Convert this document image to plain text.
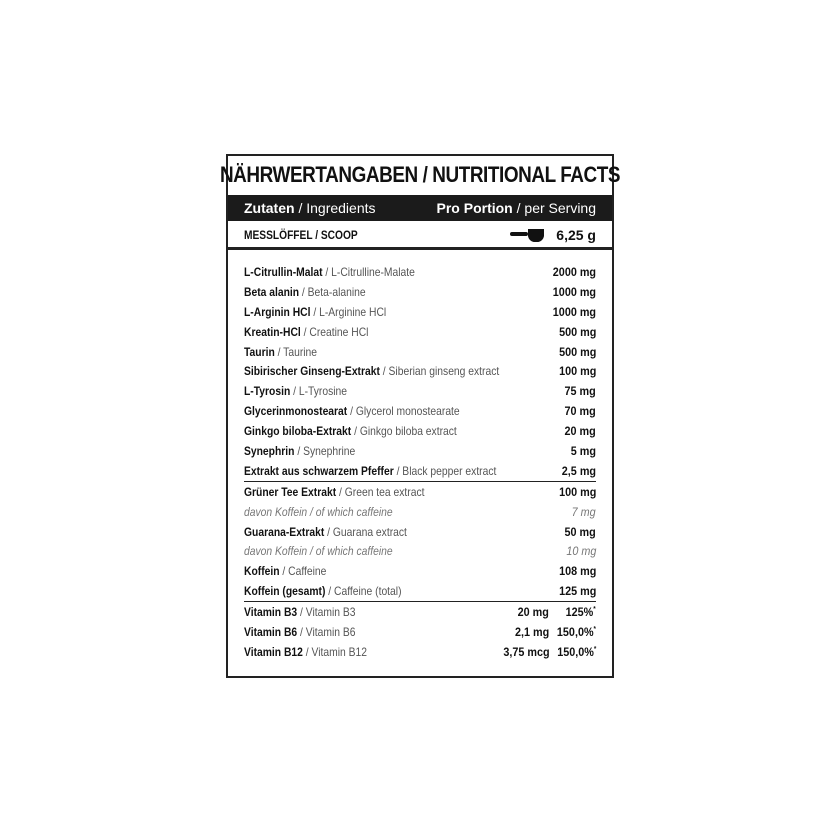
NÄHRWERTANGABEN / NUTRITIONAL FACTS
Zutaten / Ingredients	Pro Portion / per Serving
MESSLÖFFEL / SCOOP	6,25 g
L-Citrullin-Malat / L-Citrulline-Malate	2000 mg
Beta alanin / Beta-alanine	1000 mg
L-Arginin HCl / L-Arginine HCl	1000 mg
Kreatin-HCl / Creatine HCl	500 mg
Taurin / Taurine	500 mg
Sibirischer Ginseng-Extrakt / Siberian ginseng extract	100 mg
L-Tyrosin / L-Tyrosine	75 mg
Glycerinmonostearat / Glycerol monostearate	70 mg
Ginkgo biloba-Extrakt / Ginkgo biloba extract	20 mg
Synephrin / Synephrine	5 mg
Extrakt aus schwarzem Pfeffer / Black pepper extract	2,5 mg
Grüner Tee Extrakt / Green tea extract	100 mg
davon Koffein / of which caffeine	7 mg
Guarana-Extrakt / Guarana extract	50 mg
davon Koffein / of which caffeine	10 mg
Koffein / Caffeine	108 mg
Koffein (gesamt) / Caffeine (total)	125 mg
Vitamin B3 / Vitamin B3	20 mg	125%*
Vitamin B6 / Vitamin B6	2,1 mg 150,0%*
Vitamin B12 / Vitamin B12	3,75 mcg 150,0%*
